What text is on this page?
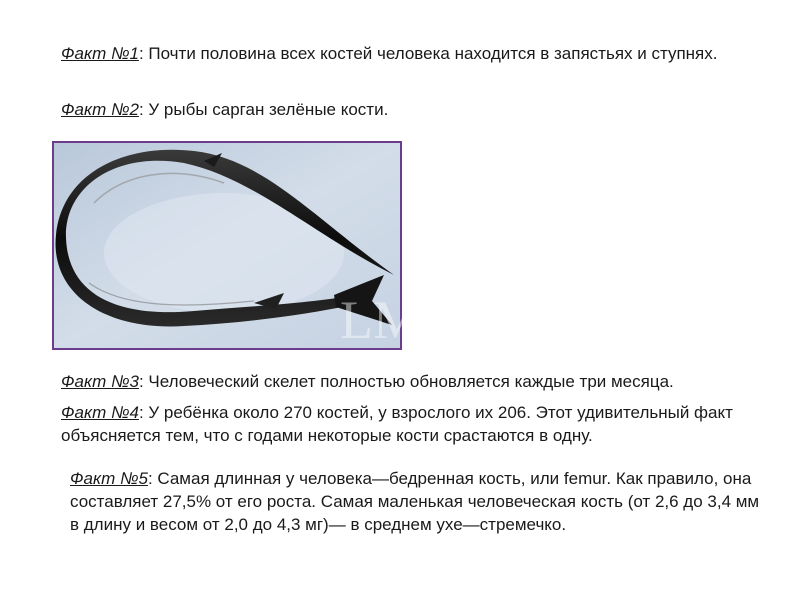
Факт №1: Почти половина всех костей человека находится в запястьях и ступнях.

Факт №2: У рыбы сарган зелёные кости.

LM

Факт №3: Человеческий скелет полностью обновляется каждые три месяца.

Факт №4: У ребёнка около 270 костей, у взрослого их 206. Этот удивительный факт объясняется тем, что с годами некоторые кости срастаются в одну.

Факт №5: Самая длинная у человека—бедренная кость, или femur. Как правило, она составляет 27,5% от его роста. Самая маленькая человеческая кость (от 2,6 до 3,4 мм в длину и весом от 2,0 до 4,3 мг)— в среднем ухе—стремечко.
